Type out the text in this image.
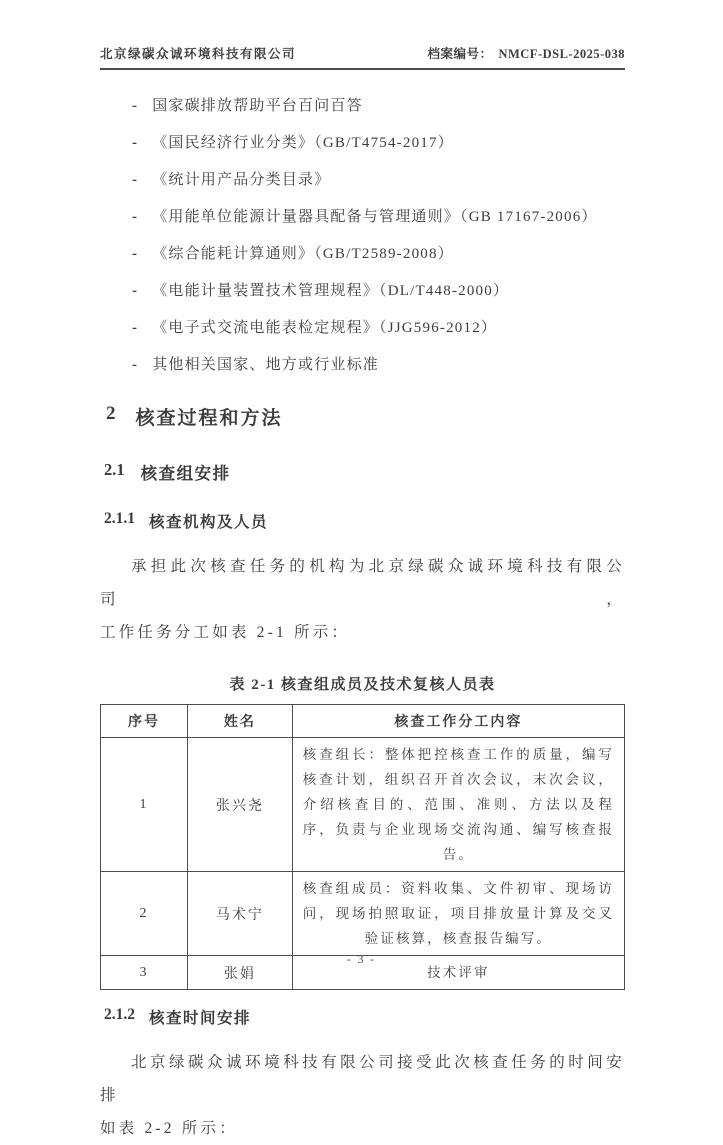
北京绿碳众诚环境科技有限公司	档案编号： NMCF-DSL-2025-038
- 国家碳排放帮助平台百问百答
- 《国民经济行业分类》（GB/T4754-2017）
- 《统计用产品分类目录》
- 《用能单位能源计量器具配备与管理通则》（GB 17167-2006）
- 《综合能耗计算通则》（GB/T2589-2008）
- 《电能计量装置技术管理规程》（DL/T448-2000）
- 《电子式交流电能表检定规程》（JJG596-2012）
- 其他相关国家、地方或行业标准
2 核查过程和方法
2.1 核查组安排
2.1.1 核查机构及人员
承担此次核查任务的机构为北京绿碳众诚环境科技有限公司，
工作任务分工如表 2-1 所示：
表 2-1 核查组成员及技术复核人员表
序号	姓名	核查工作分工内容
1	张兴尧	核查组长：整体把控核查工作的质量，编写核查计划，组织召开首次会议，末次会议，介绍核查目的、范围、准则、方法以及程序，负责与企业现场交流沟通、编写核查报告。
2	马术宁	核查组成员：资料收集、文件初审、现场访问，现场拍照取证，项目排放量计算及交叉验证核算，核查报告编写。
3	张娟	技术评审
2.1.2 核查时间安排
北京绿碳众诚环境科技有限公司接受此次核查任务的时间安排
如表 2-2 所示：
- 3 -
